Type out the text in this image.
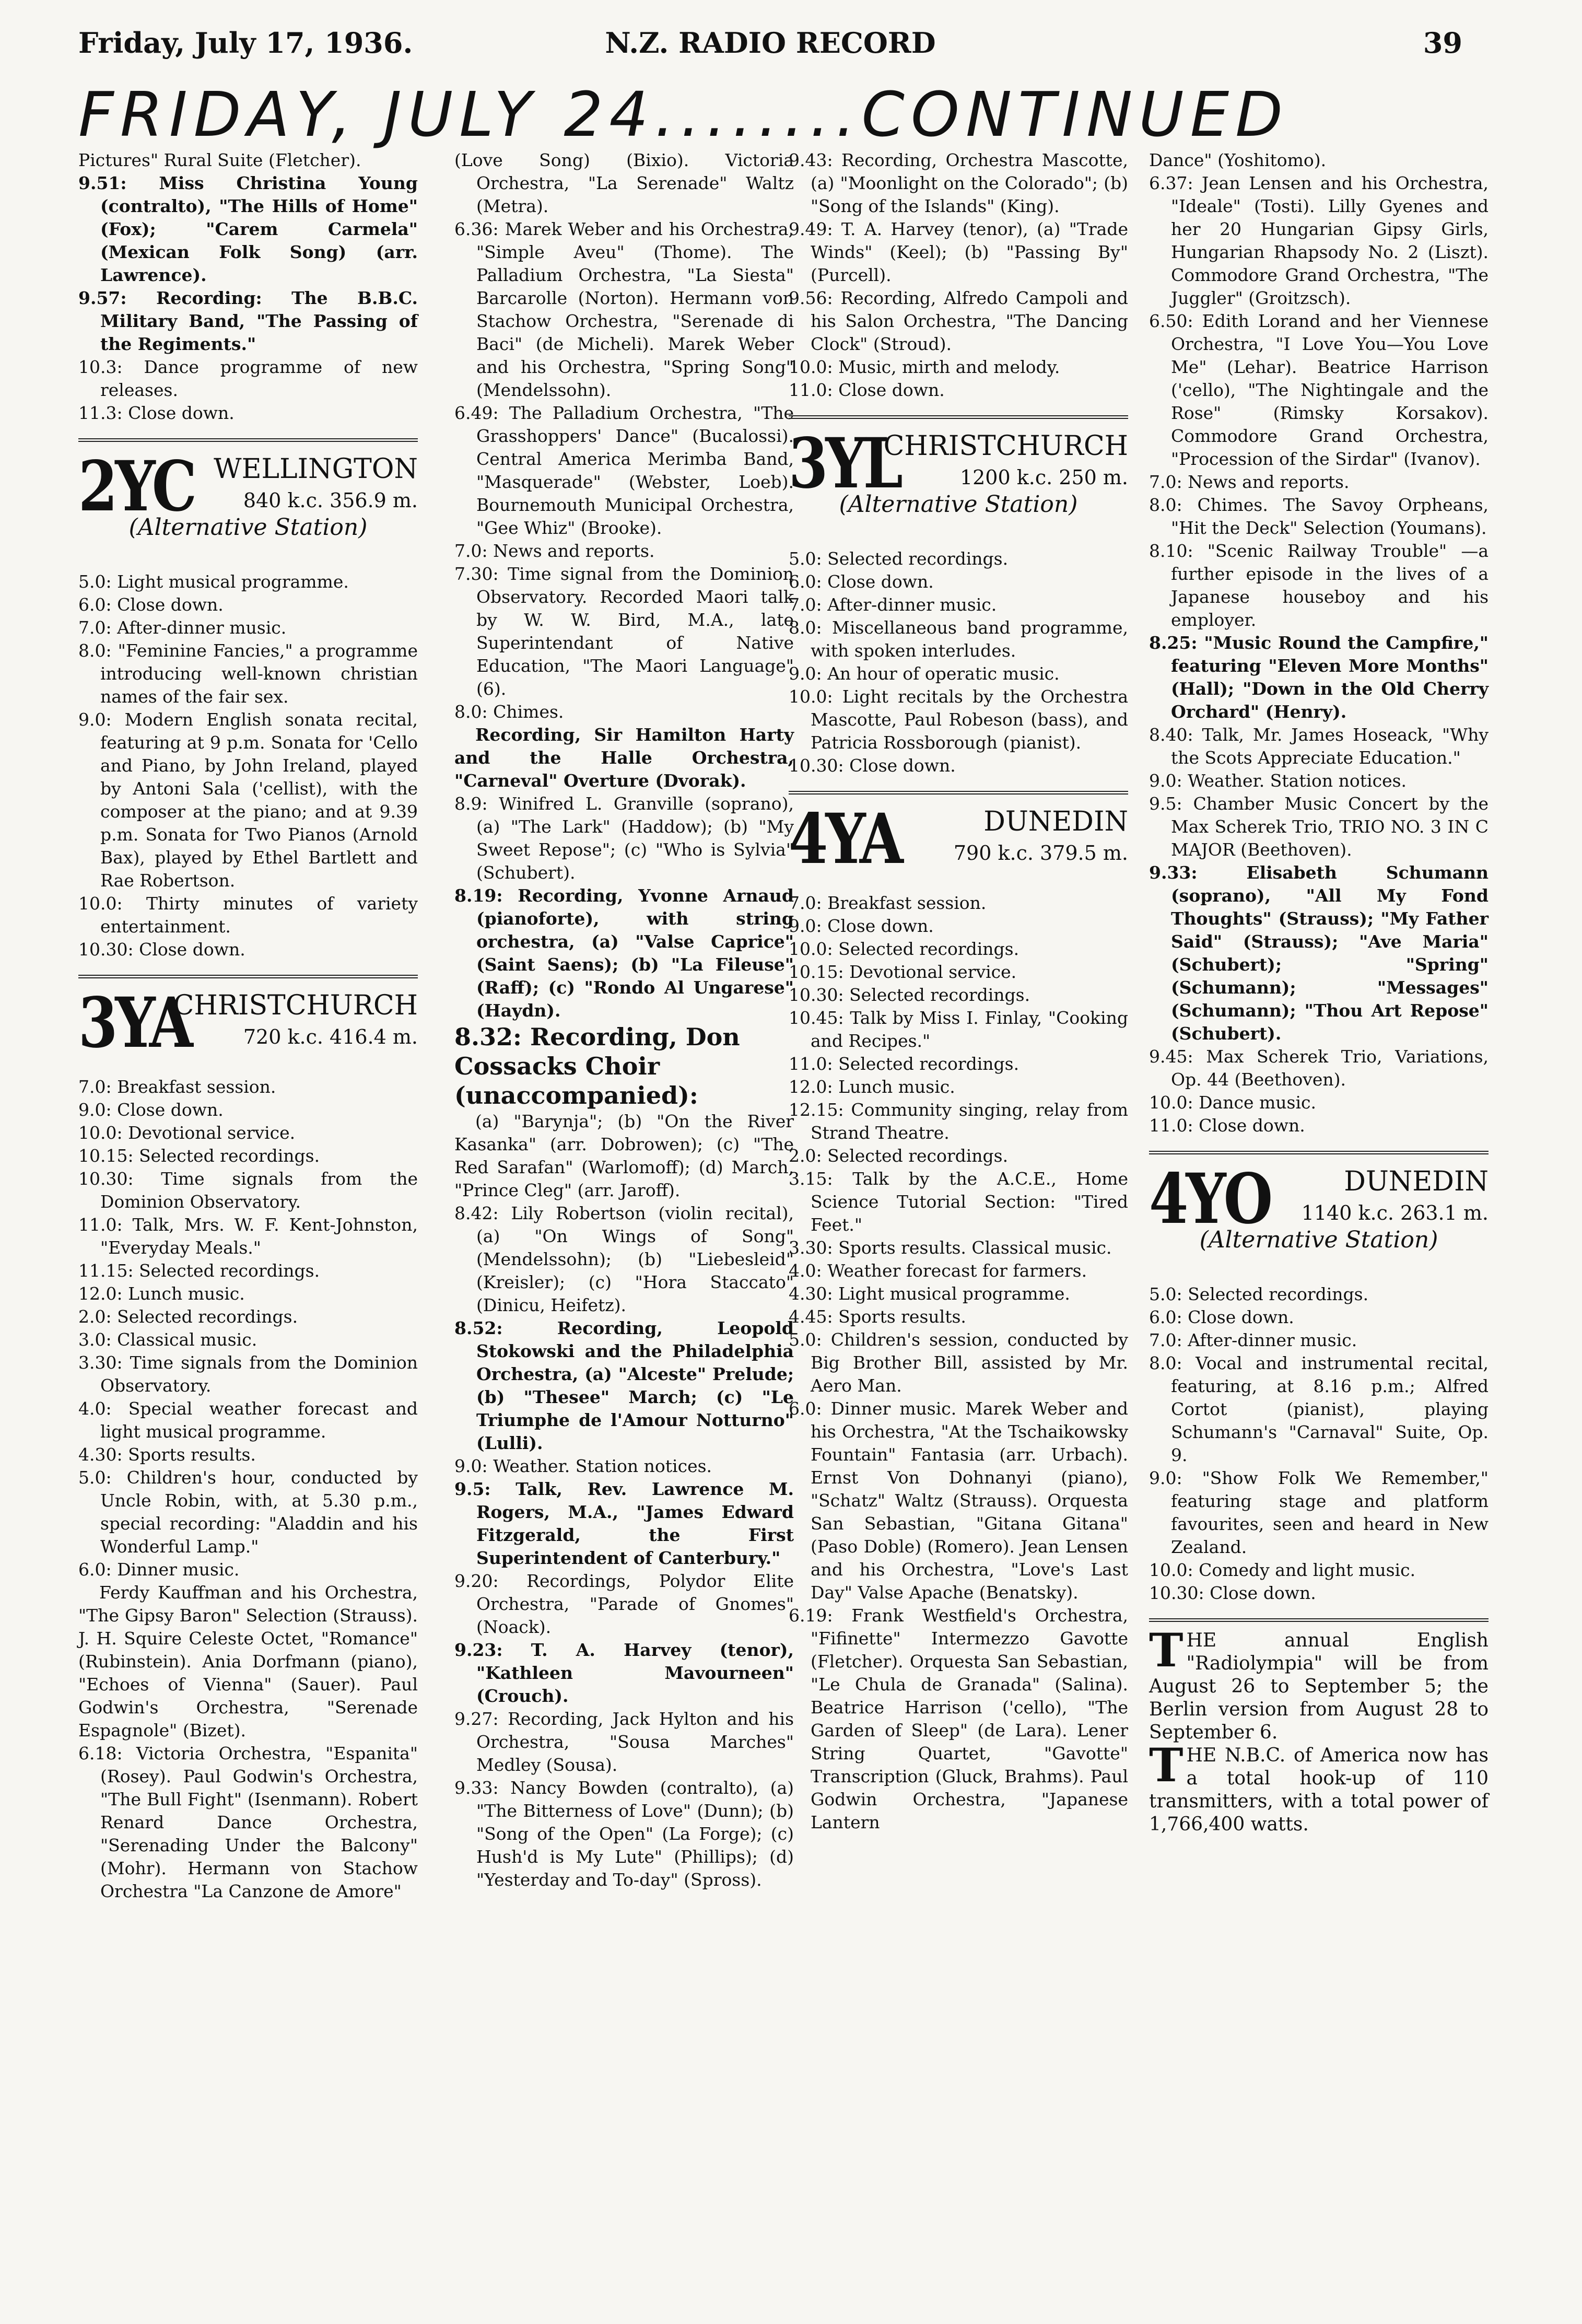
Friday, July 17, 1936.	N.Z. RADIO RECORD	39
FRIDAY, JULY 24........CONTINUED

Pictures" Rural Suite (Fletcher).

9.51: Miss Christina Young (contralto), "The Hills of Home" (Fox); "Carem Carmela" (Mexican Folk Song) (arr. Lawrence).

9.57: Recording: The B.B.C. Military Band, "The Passing of the Regiments."

10.3: Dance programme of new releases.

11.3: Close down.

2YC WELLINGTON
840 k.c. 356.9 m.
(Alternative Station)

5.0: Light musical programme.

6.0: Close down.

7.0: After-dinner music.

8.0: "Feminine Fancies," a programme introducing well-known christian names of the fair sex.

9.0: Modern English sonata recital, featuring at 9 p.m. Sonata for 'Cello and Piano, by John Ireland, played by Antoni Sala ('cellist), with the composer at the piano; and at 9.39 p.m. Sonata for Two Pianos (Arnold Bax), played by Ethel Bartlett and Rae Robertson.

10.0: Thirty minutes of variety entertainment.

10.30: Close down.

3YA
CHRISTCHURCH
720 k.c. 416.4 m.

7.0: Breakfast session.

9.0: Close down.

10.0: Devotional service.

10.15: Selected recordings.

10.30: Time signals from the Dominion Observatory.

11.0: Talk, Mrs. W. F. Kent-Johnston, "Everyday Meals."

11.15: Selected recordings.

12.0: Lunch music.

2.0: Selected recordings.

3.0: Classical music.

3.30: Time signals from the Dominion Observatory.

4.0: Special weather forecast and light musical programme.

4.30: Sports results.

5.0: Children's hour, conducted by Uncle Robin, with, at 5.30 p.m., special recording: "Aladdin and his Wonderful Lamp."

6.0: Dinner music.

Ferdy Kauffman and his Orchestra, "The Gipsy Baron" Selection (Strauss). J. H. Squire Celeste Octet, "Romance" (Rubinstein). Ania Dorfmann (piano), "Echoes of Vienna" (Sauer). Paul Godwin's Orchestra, "Serenade Espagnole" (Bizet).

6.18: Victoria Orchestra, "Espanita" (Rosey). Paul Godwin's Orchestra, "The Bull Fight" (Isenmann). Robert Renard Dance Orchestra, "Serenading Under the Balcony" (Mohr). Hermann von Stachow Orchestra "La Canzone de Amore"

(Love Song) (Bixio). Victoria Orchestra, "La Serenade" Waltz (Metra).

6.36: Marek Weber and his Orchestra, "Simple Aveu" (Thome). The Palladium Orchestra, "La Siesta" Barcarolle (Norton). Hermann von Stachow Orchestra, "Serenade di Baci" (de Micheli). Marek Weber and his Orchestra, "Spring Song" (Mendelssohn).

6.49: The Palladium Orchestra, "The Grasshoppers' Dance" (Bucalossi). Central America Merimba Band, "Masquerade" (Webster, Loeb). Bournemouth Municipal Orchestra, "Gee Whiz" (Brooke).

7.0: News and reports.

7.30: Time signal from the Dominion Observatory. Recorded Maori talk by W. W. Bird, M.A., late Superintendant of Native Education, "The Maori Language" (6).

8.0: Chimes.

Recording, Sir Hamilton Harty and the Halle Orchestra, "Carneval" Overture (Dvorak).

8.9: Winifred L. Granville (soprano), (a) "The Lark" (Haddow); (b) "My Sweet Repose"; (c) "Who is Sylvia" (Schubert).

8.19: Recording, Yvonne Arnaud (pianoforte), with string orchestra, (a) "Valse Caprice" (Saint Saens); (b) "La Fileuse" (Raff); (c) "Rondo Al Ungarese" (Haydn).

8.32: Recording, Don Cossacks Choir (unaccompanied):

(a) "Barynja"; (b) "On the River Kasanka" (arr. Dobrowen); (c) "The Red Sarafan" (Warlomoff); (d) March, "Prince Cleg" (arr. Jaroff).

8.42: Lily Robertson (violin recital), (a) "On Wings of Song" (Mendelssohn); (b) "Liebesleid" (Kreisler); (c) "Hora Staccato" (Dinicu, Heifetz).

8.52: Recording, Leopold Stokowski and the Philadelphia Orchestra, (a) "Alceste" Prelude; (b) "Thesee" March; (c) "Le Triumphe de l'Amour Notturno" (Lulli).

9.0: Weather. Station notices.

9.5: Talk, Rev. Lawrence M. Rogers, M.A., "James Edward Fitzgerald, the First Superintendent of Canterbury."

9.20: Recordings, Polydor Elite Orchestra, "Parade of Gnomes" (Noack).

9.23: T. A. Harvey (tenor), "Kathleen Mavourneen" (Crouch).

9.27: Recording, Jack Hylton and his Orchestra, "Sousa Marches" Medley (Sousa).

9.33: Nancy Bowden (contralto), (a) "The Bitterness of Love" (Dunn); (b) "Song of the Open" (La Forge); (c) Hush'd is My Lute" (Phillips); (d) "Yesterday and To-day" (Spross).

9.43: Recording, Orchestra Mascotte, (a) "Moonlight on the Colorado"; (b) "Song of the Islands" (King).

9.49: T. A. Harvey (tenor), (a) "Trade Winds" (Keel); (b) "Passing By" (Purcell).

9.56: Recording, Alfredo Campoli and his Salon Orchestra, "The Dancing Clock" (Stroud).

10.0: Music, mirth and melody.

11.0: Close down.

3YL
CHRISTCHURCH
1200 k.c. 250 m.
(Alternative Station)

5.0: Selected recordings.

6.0: Close down.

7.0: After-dinner music.

8.0: Miscellaneous band programme, with spoken interludes.

9.0: An hour of operatic music.

10.0: Light recitals by the Orchestra Mascotte, Paul Robeson (bass), and Patricia Rossborough (pianist).

10.30: Close down.

4YA	DUNEDIN
790 k.c. 379.5 m.

7.0: Breakfast session.

9.0: Close down.

10.0: Selected recordings.

10.15: Devotional service.

10.30: Selected recordings.

10.45: Talk by Miss I. Finlay, "Cooking and Recipes."

11.0: Selected recordings.

12.0: Lunch music.

12.15: Community singing, relay from Strand Theatre.

2.0: Selected recordings.

3.15: Talk by the A.C.E., Home Science Tutorial Section: "Tired Feet."

3.30: Sports results. Classical music.

4.0: Weather forecast for farmers.

4.30: Light musical programme.

4.45: Sports results.

5.0: Children's session, conducted by Big Brother Bill, assisted by Mr. Aero Man.

6.0: Dinner music. Marek Weber and his Orchestra, "At the Tschaikowsky Fountain" Fantasia (arr. Urbach). Ernst Von Dohnanyi (piano), "Schatz" Waltz (Strauss). Orquesta San Sebastian, "Gitana Gitana" (Paso Doble) (Romero). Jean Lensen and his Orchestra, "Love's Last Day" Valse Apache (Benatsky).

6.19: Frank Westfield's Orchestra, "Fifinette" Intermezzo Gavotte (Fletcher). Orquesta San Sebastian, "Le Chula de Granada" (Salina). Beatrice Harrison ('cello), "The Garden of Sleep" (de Lara). Lener String Quartet, "Gavotte" Transcription (Gluck, Brahms). Paul Godwin Orchestra, "Japanese Lantern

Dance" (Yoshitomo).

6.37: Jean Lensen and his Orchestra, "Ideale" (Tosti). Lilly Gyenes and her 20 Hungarian Gipsy Girls, Hungarian Rhapsody No. 2 (Liszt). Commodore Grand Orchestra, "The Juggler" (Groitzsch).

6.50: Edith Lorand and her Viennese Orchestra, "I Love You—You Love Me" (Lehar). Beatrice Harrison ('cello), "The Nightingale and the Rose" (Rimsky Korsakov). Commodore Grand Orchestra, "Procession of the Sirdar" (Ivanov).

7.0: News and reports.

8.0: Chimes. The Savoy Orpheans, "Hit the Deck" Selection (Youmans).

8.10: "Scenic Railway Trouble" —a further episode in the lives of a Japanese houseboy and his employer.

8.25: "Music Round the Campfire," featuring "Eleven More Months" (Hall); "Down in the Old Cherry Orchard" (Henry).

8.40: Talk, Mr. James Hoseack, "Why the Scots Appreciate Education."

9.0: Weather. Station notices.

9.5: Chamber Music Concert by the Max Scherek Trio, TRIO NO. 3 IN C MAJOR (Beethoven).

9.33: Elisabeth Schumann (soprano), "All My Fond Thoughts" (Strauss); "My Father Said" (Strauss); "Ave Maria" (Schubert); "Spring" (Schumann); "Messages" (Schumann); "Thou Art Repose" (Schubert).

9.45: Max Scherek Trio, Variations, Op. 44 (Beethoven).

10.0: Dance music.

11.0: Close down.

4YO	DUNEDIN
1140 k.c. 263.1 m.
(Alternative Station)

5.0: Selected recordings.

6.0: Close down.

7.0: After-dinner music.

8.0: Vocal and instrumental recital, featuring, at 8.16 p.m.; Alfred Cortot (pianist), playing Schumann's "Carnaval" Suite, Op. 9.

9.0: "Show Folk We Remember," featuring stage and platform favourites, seen and heard in New Zealand.

10.0: Comedy and light music.

10.30: Close down.

THE annual English "Radiolympia" will be from August 26 to September 5; the Berlin version from August 28 to September 6.

THE N.B.C. of America now has a total hook-up of 110 transmitters, with a total power of 1,766,400 watts.
